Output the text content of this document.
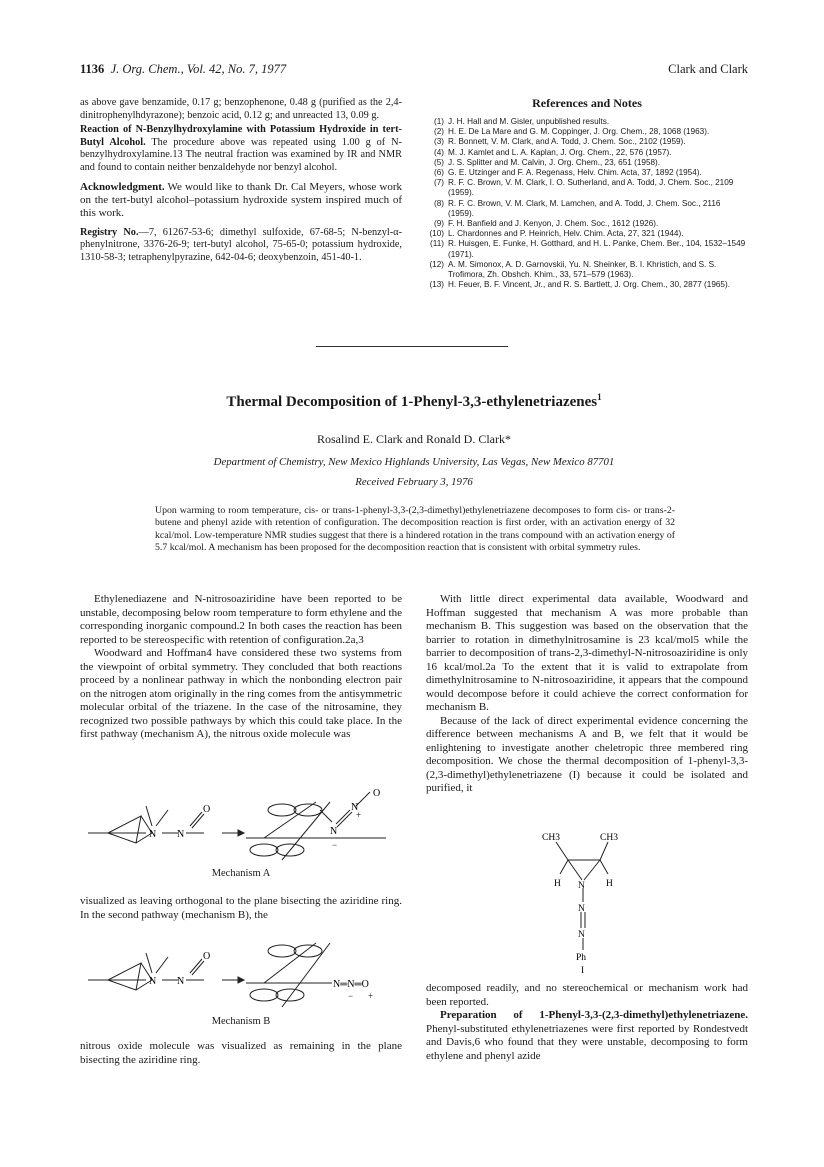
1136 J. Org. Chem., Vol. 42, No. 7, 1977	Clark and Clark

as above gave benzamide, 0.17 g; benzophenone, 0.48 g (purified as the 2,4-dinitrophenylhdyrazone); benzoic acid, 0.12 g; and unreacted 13, 0.09 g.

Reaction of N-Benzylhydroxylamine with Potassium Hydroxide in tert-Butyl Alcohol. The procedure above was repeated using 1.00 g of N-benzylhydroxylamine.13 The neutral fraction was examined by IR and NMR and found to contain neither benzaldehyde nor benzyl alcohol.

Acknowledgment. We would like to thank Dr. Cal Meyers, whose work on the tert-butyl alcohol–potassium hydroxide system inspired much of this work.

Registry No.—7, 61267-53-6; dimethyl sulfoxide, 67-68-5; N-benzyl-α-phenylnitrone, 3376-26-9; tert-butyl alcohol, 75-65-0; potassium hydroxide, 1310-58-3; tetraphenylpyrazine, 642-04-6; deoxybenzoin, 451-40-1.

References and Notes
(1) J. H. Hall and M. Gisler, unpublished results.
(2) H. E. De La Mare and G. M. Coppinger, J. Org. Chem., 28, 1068 (1963).
(3) R. Bonnett, V. M. Clark, and A. Todd, J. Chem. Soc., 2102 (1959).
(4) M. J. Kamlet and L. A. Kaplan, J. Org. Chem., 22, 576 (1957).
(5) J. S. Splitter and M. Calvin, J. Org. Chem., 23, 651 (1958).
(6) G. E. Utzinger and F. A. Regenass, Helv. Chim. Acta, 37, 1892 (1954).
(7) R. F. C. Brown, V. M. Clark, I. O. Sutherland, and A. Todd, J. Chem. Soc., 2109 (1959).
(8) R. F. C. Brown, V. M. Clark, M. Lamchen, and A. Todd, J. Chem. Soc., 2116 (1959).
(9) F. H. Banfield and J. Kenyon, J. Chem. Soc., 1612 (1926).
(10) L. Chardonnes and P. Heinrich, Helv. Chim. Acta, 27, 321 (1944).
(11) R. Huisgen, E. Funke, H. Gotthard, and H. L. Panke, Chem. Ber., 104, 1532–1549 (1971).
(12) A. M. Simonox, A. D. Garnovskii, Yu. N. Sheinker, B. I. Khristich, and S. S. Trofimora, Zh. Obshch. Khim., 33, 571–579 (1963).
(13) H. Feuer, B. F. Vincent, Jr., and R. S. Bartlett, J. Org. Chem., 30, 2877 (1965).
Thermal Decomposition of 1-Phenyl-3,3-ethylenetriazenes$^1$
Rosalind E. Clark and Ronald D. Clark*
Department of Chemistry, New Mexico Highlands University, Las Vegas, New Mexico 87701
Received February 3, 1976
Upon warming to room temperature, cis- or trans-1-phenyl-3,3-(2,3-dimethyl)ethylenetriazene decomposes to form cis- or trans-2-butene and phenyl azide with retention of configuration. The decomposition reaction is first order, with an activation energy of 32 kcal/mol. Low-temperature NMR studies suggest that there is a hindered rotation in the trans compound with an activation energy of 5.7 kcal/mol. A mechanism has been proposed for the decomposition reaction that is consistent with orbital symmetry rules.

Ethylenediazene and N-nitrosoaziridine have been reported to be unstable, decomposing below room temperature to form ethylene and the corresponding inorganic compound.2 In both cases the reaction has been reported to be stereospecific with retention of configuration.2a,3

Woodward and Hoffman4 have considered these two systems from the viewpoint of orbital symmetry. They concluded that both reactions proceed by a nonlinear pathway in which the nonbonding electron pair on the nitrogen atom originally in the ring comes from the antisymmetric molecular orbital of the triazene. In the case of the nitrosamine, they recognized two possible pathways by which this could take place. In the first pathway (mechanism A), the nitrous oxide molecule was

N N
O
N
N
O
+
−
Mechanism A

visualized as leaving orthogonal to the plane bisecting the aziridine ring. In the second pathway (mechanism B), the

N N
O
N═N═O
− +
Mechanism B

nitrous oxide molecule was visualized as remaining in the plane bisecting the aziridine ring.

With little direct experimental data available, Woodward and Hoffman suggested that mechanism A was more probable than mechanism B. This suggestion was based on the observation that the barrier to rotation in dimethylnitrosamine is 23 kcal/mol5 while the barrier to decomposition of trans-2,3-dimethyl-N-nitrosoaziridine is only 16 kcal/mol.2a To the extent that it is valid to extrapolate from dimethylnitrosamine to N-nitrosoaziridine, it appears that the compound would decompose before it could achieve the correct conformation for mechanism B.

Because of the lack of direct experimental evidence concerning the difference between mechanisms A and B, we felt that it would be enlightening to investigate another cheletropic three membered ring decomposition. We chose the thermal decomposition of 1-phenyl-3,3-(2,3-dimethyl)ethylenetriazene (I) because it could be isolated and purified, it

CH3	CH3
H N H
N
N
Ph
I

decomposed readily, and no stereochemical or mechanism work had been reported.

Preparation of 1-Phenyl-3,3-(2,3-dimethyl)ethylenetriazene. Phenyl-substituted ethylenetriazenes were first reported by Rondestvedt and Davis,6 who found that they were unstable, decomposing to form ethylene and phenyl azide
